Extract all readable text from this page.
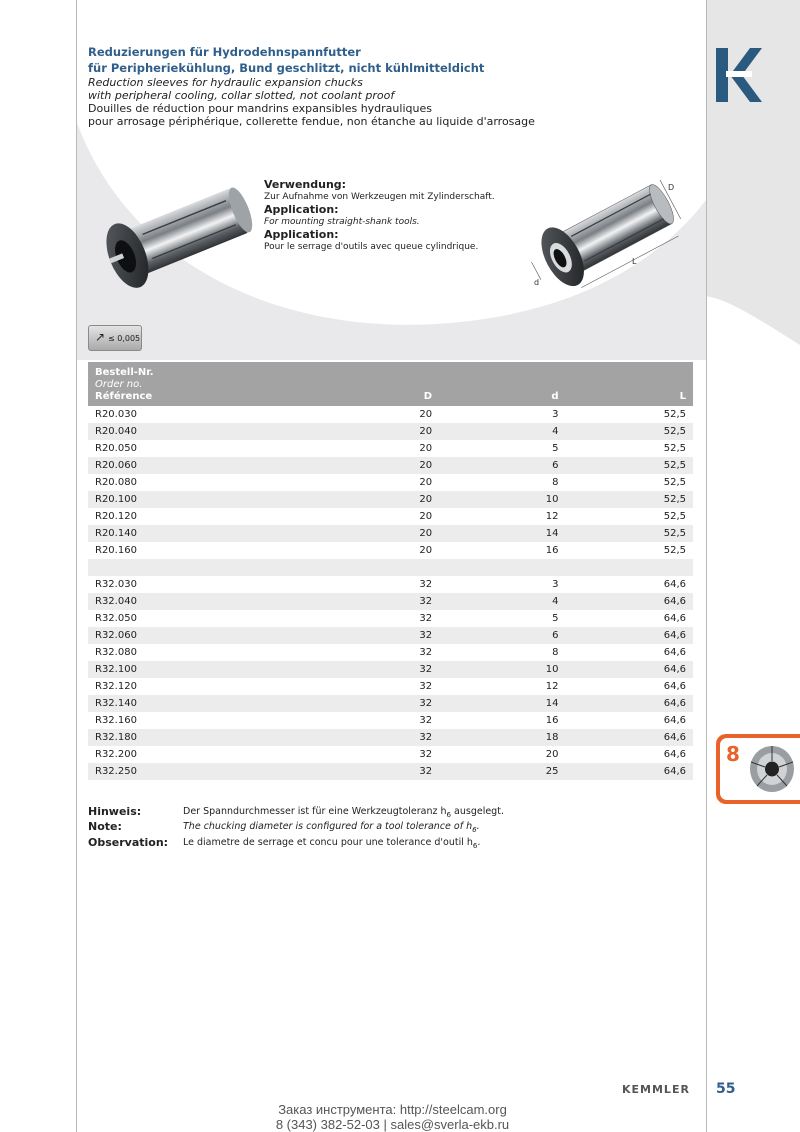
Reduzierungen für Hydrodehnspannfutter
für Peripheriekühlung, Bund geschlitzt, nicht kühlmitteldicht
Reduction sleeves for hydraulic expansion chucks
with peripheral cooling, collar slotted, not coolant proof
Douilles de réduction pour mandrins expansibles hydrauliques
pour arrosage périphérique, collerette fendue, non étanche au liquide d'arrosage
Verwendung:
Zur Aufnahme von Werkzeugen mit Zylinderschaft.
Application:
For mounting straight-shank tools.
Application:
Pour le serrage d'outils avec queue cylindrique.
D
L
d
↗ ≤ 0,005
Bestell-Nr.
Order no.
Référence	D	d	L
R20.030	20	3	52,5
R20.040	20	4	52,5
R20.050	20	5	52,5
R20.060	20	6	52,5
R20.080	20	8	52,5
R20.100	20	10	52,5
R20.120	20	12	52,5
R20.140	20	14	52,5
R20.160	20	16	52,5

R32.030	32	3	64,6
R32.040	32	4	64,6
R32.050	32	5	64,6
R32.060	32	6	64,6
R32.080	32	8	64,6
R32.100	32	10	64,6
R32.120	32	12	64,6
R32.140	32	14	64,6
R32.160	32	16	64,6
R32.180	32	18	64,6
R32.200	32	20	64,6
R32.250	32	25	64,6
Hinweis:	Der Spanndurchmesser ist für eine Werkzeugtoleranz $h_6$ ausgelegt.
Note:	The chucking diameter is configured for a tool tolerance of $h_6$.
Observation:	Le diametre de serrage et concu pour une tolerance d'outil $h_6$.
8
KEMMLER 55
Заказ инструмента: http://steelcam.org
8 (343) 382-52-03 | sales@sverla-ekb.ru
